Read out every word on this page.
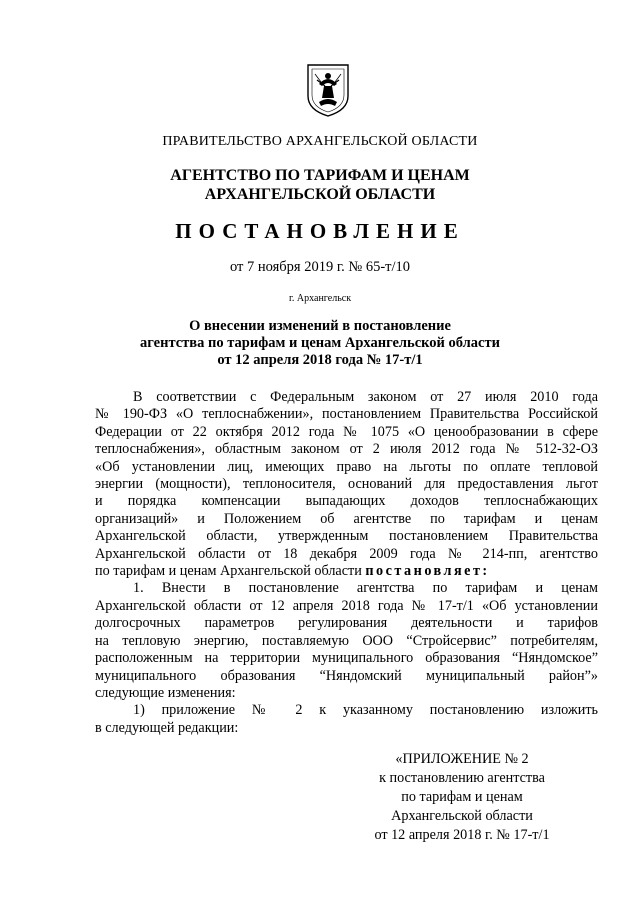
ПРАВИТЕЛЬСТВО АРХАНГЕЛЬСКОЙ ОБЛАСТИ
АГЕНТСТВО ПО ТАРИФАМ И ЦЕНАМ
АРХАНГЕЛЬСКОЙ ОБЛАСТИ
ПОСТАНОВЛЕНИЕ
от 7 ноября 2019 г. № 65-т/10
г. Архангельск
О внесении изменений в постановление
агентства по тарифам и ценам Архангельской области
от 12 апреля 2018 года № 17-т/1
В соответствии с Федеральным законом от 27 июля 2010 года
№ 190-ФЗ «О теплоснабжении», постановлением Правительства Российской
Федерации от 22 октября 2012 года № 1075 «О ценообразовании в сфере
теплоснабжения», областным законом от 2 июля 2012 года № 512-32-ОЗ
«Об установлении лиц, имеющих право на льготы по оплате тепловой
энергии (мощности), теплоносителя, оснований для предоставления льгот
и порядка компенсации выпадающих доходов теплоснабжающих
организаций» и Положением об агентстве по тарифам и ценам
Архангельской области, утвержденным постановлением Правительства
Архангельской области от 18 декабря 2009 года № 214-пп, агентство
по тарифам и ценам Архангельской области постановляет:
1. Внести в постановление агентства по тарифам и ценам
Архангельской области от 12 апреля 2018 года № 17-т/1 «Об установлении
долгосрочных параметров регулирования деятельности и тарифов
на тепловую энергию, поставляемую ООО “Стройсервис” потребителям,
расположенным на территории муниципального образования “Няндомское”
муниципального образования “Няндомский муниципальный район”»
следующие изменения:
1) приложение № 2 к указанному постановлению изложить
в следующей редакции:
«ПРИЛОЖЕНИЕ № 2
к постановлению агентства
по тарифам и ценам
Архангельской области
от 12 апреля 2018 г. № 17-т/1
